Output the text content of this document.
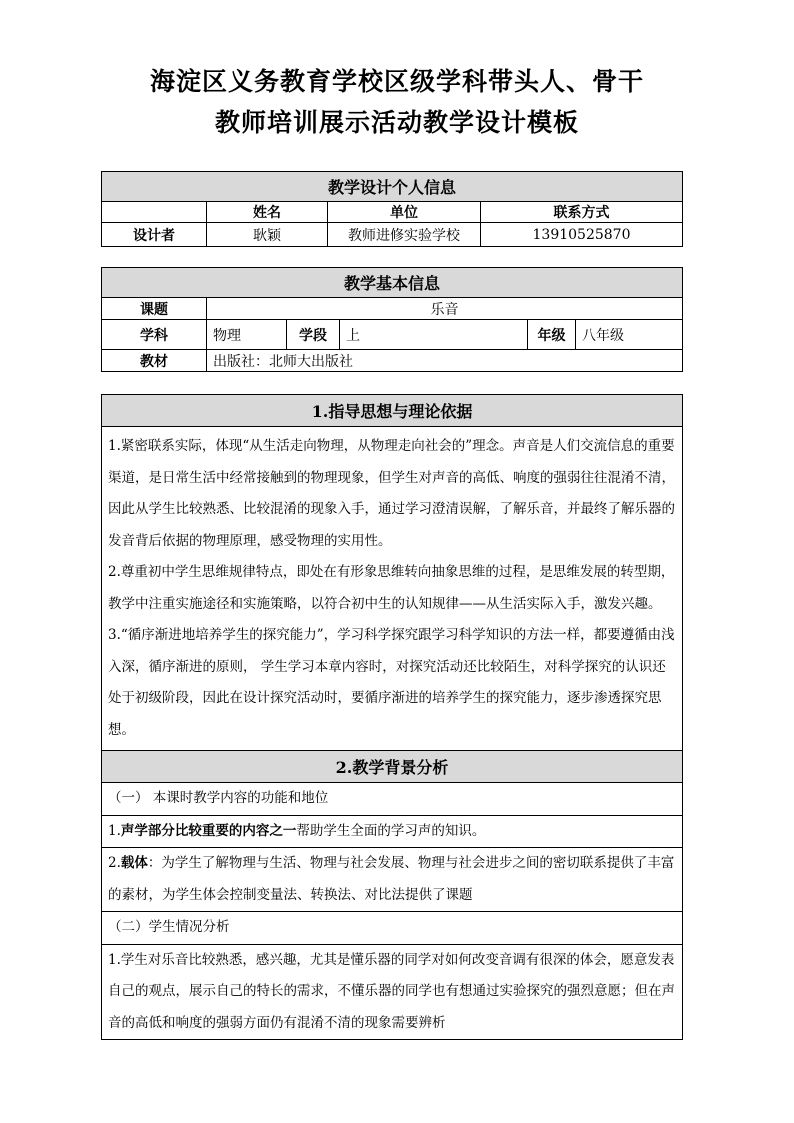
海淀区义务教育学校区级学科带头人、骨干
教师培训展示活动教学设计模板
教学设计个人信息			
	姓名	单位	联系方式
设计者	耿颖	教师进修实验学校	13910525870
教学基本信息					
课题	乐音				
学科	物理	学段	上	年级	八年级
教材	出版社：北师大出版社				
1.指导思想与理论依据

1.紧密联系实际，体现“从生活走向物理，从物理走向社会的”理念。声音是人们交流信息的重要渠道，是日常生活中经常接触到的物理现象，但学生对声音的高低、响度的强弱往往混淆不清，因此从学生比较熟悉、比较混淆的现象入手，通过学习澄清误解，了解乐音，并最终了解乐器的发音背后依据的物理原理，感受物理的实用性。

2.尊重初中学生思维规律特点，即处在有形象思维转向抽象思维的过程，是思维发展的转型期，教学中注重实施途径和实施策略，以符合初中生的认知规律——从生活实际入手，激发兴趣。

3.“循序渐进地培养学生的探究能力”，学习科学探究跟学习科学知识的方法一样，都要遵循由浅入深，循序渐进的原则， 学生学习本章内容时，对探究活动还比较陌生，对科学探究的认识还处于初级阶段，因此在设计探究活动时，要循序渐进的培养学生的探究能力，逐步渗透探究思想。

2.教学背景分析
（一） 本课时教学内容的功能和地位
1.声学部分比较重要的内容之一帮助学生全面的学习声的知识。

2.载体：为学生了解物理与生活、物理与社会发展、物理与社会进步之间的密切联系提供了丰富的素材，为学生体会控制变量法、转换法、对比法提供了课题

（二）学生情况分析

1.学生对乐音比较熟悉，感兴趣，尤其是懂乐器的同学对如何改变音调有很深的体会，愿意发表自己的观点，展示自己的特长的需求，不懂乐器的同学也有想通过实验探究的强烈意愿；但在声音的高低和响度的强弱方面仍有混淆不清的现象需要辨析
